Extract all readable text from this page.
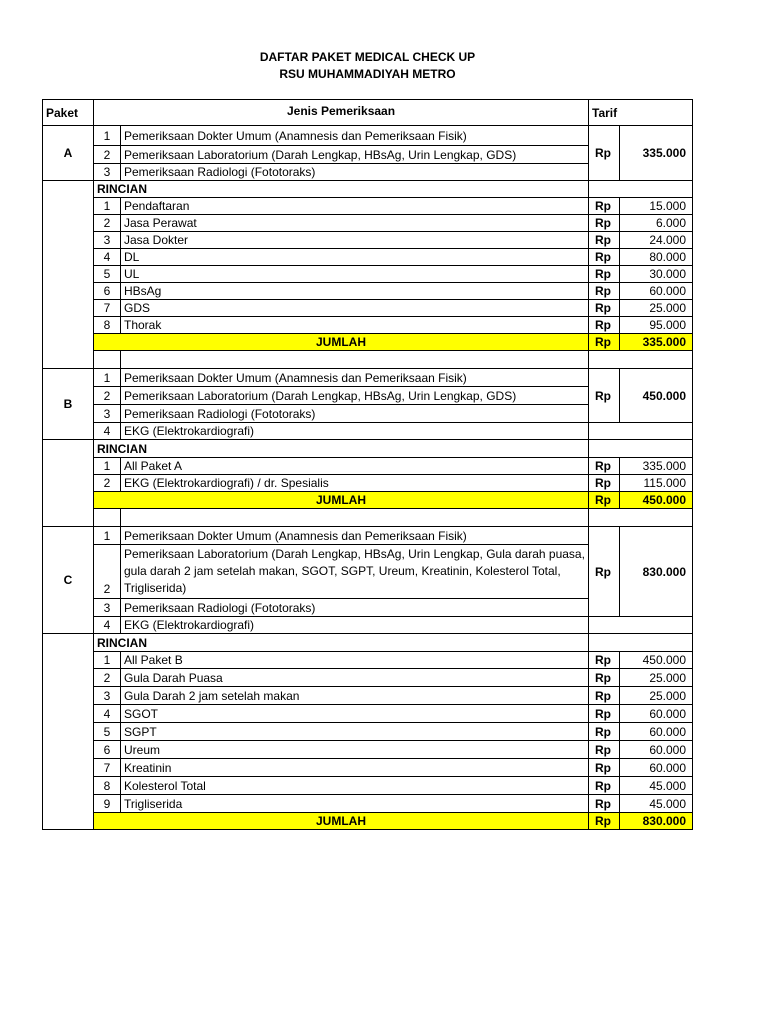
DAFTAR PAKET MEDICAL CHECK UP
RSU MUHAMMADIYAH METRO
Paket	Jenis Pemeriksaan		Tarif	
A	1	Pemeriksaan Dokter Umum (Anamnesis dan Pemeriksaan Fisik)	Rp	335.000
	2	Pemeriksaan Laboratorium (Darah Lengkap, HBsAg, Urin Lengkap, GDS)		
	3	Pemeriksaan Radiologi (Fototoraks)		
	RINCIAN			
	1	Pendaftaran	Rp	15.000
	2	Jasa Perawat	Rp	6.000
	3	Jasa Dokter	Rp	24.000
	4	DL	Rp	80.000
	5	UL	Rp	30.000
	6	HBsAg	Rp	60.000
	7	GDS	Rp	25.000
	8	Thorak	Rp	95.000
	JUMLAH		Rp	335.000

B	1	Pemeriksaan Dokter Umum (Anamnesis dan Pemeriksaan Fisik)	Rp	450.000
	2	Pemeriksaan Laboratorium (Darah Lengkap, HBsAg, Urin Lengkap, GDS)		
	3	Pemeriksaan Radiologi (Fototoraks)		
	4	EKG (Elektrokardiografi)		
	RINCIAN			
	1	All Paket A	Rp	335.000
	2	EKG (Elektrokardiografi) / dr. Spesialis	Rp	115.000
	JUMLAH		Rp	450.000

C	1	Pemeriksaan Dokter Umum (Anamnesis dan Pemeriksaan Fisik)	Rp	830.000
	2	Pemeriksaan Laboratorium (Darah Lengkap, HBsAg, Urin Lengkap, Gula darah puasa, gula darah 2 jam setelah makan, SGOT, SGPT, Ureum, Kreatinin, Kolesterol Total, Trigliserida)		
	3	Pemeriksaan Radiologi (Fototoraks)		
	4	EKG (Elektrokardiografi)		
	RINCIAN			
	1	All Paket B	Rp	450.000
	2	Gula Darah Puasa	Rp	25.000
	3	Gula Darah 2 jam setelah makan	Rp	25.000
	4	SGOT	Rp	60.000
	5	SGPT	Rp	60.000
	6	Ureum	Rp	60.000
	7	Kreatinin	Rp	60.000
	8	Kolesterol Total	Rp	45.000
	9	Trigliserida	Rp	45.000
	JUMLAH		Rp	830.000
